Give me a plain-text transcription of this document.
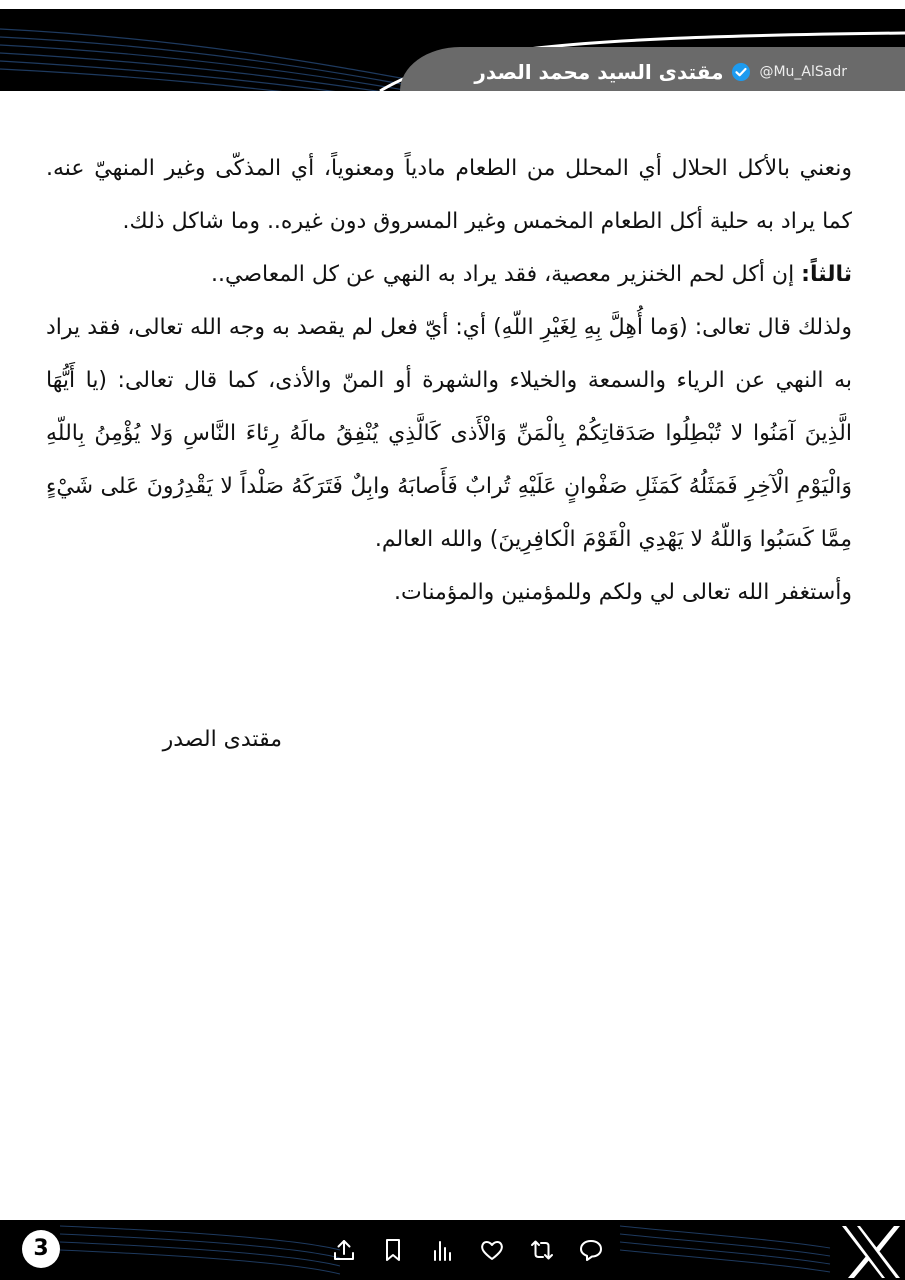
مقتدى السيد محمد الصدر	@Mu_AlSadr

ونعني بالأكل الحلال أي المحلل من الطعام مادياً ومعنوياً، أي المذكّى وغير المنهيّ عنه. كما يراد به حلية أكل الطعام المخمس وغير المسروق دون غيره.. وما شاكل ذلك.

ثالثاً: إن أكل لحم الخنزير معصية، فقد يراد به النهي عن كل المعاصي..

ولذلك قال تعالى: (وَما أُهِلَّ بِهِ لِغَيْرِ اللّهِ) أي: أيّ فعل لم يقصد به وجه الله تعالى، فقد يراد به النهي عن الرياء والسمعة والخيلاء والشهرة أو المنّ والأذى، كما قال تعالى: (يا أَيُّهَا الَّذِينَ آمَنُوا لا تُبْطِلُوا صَدَقاتِكُمْ بِالْمَنِّ وَالْأَذى كَالَّذِي يُنْفِقُ مالَهُ رِئاءَ النَّاسِ وَلا يُؤْمِنُ بِاللّهِ وَالْيَوْمِ الْآخِرِ فَمَثَلُهُ كَمَثَلِ صَفْوانٍ عَلَيْهِ تُرابٌ فَأَصابَهُ وابِلٌ فَتَرَكَهُ صَلْداً لا يَقْدِرُونَ عَلى شَيْءٍ مِمَّا كَسَبُوا وَاللّهُ لا يَهْدِي الْقَوْمَ الْكافِرِينَ) والله العالم.

وأستغفر الله تعالى لي ولكم وللمؤمنين والمؤمنات.

مقتدى الصدر
3
